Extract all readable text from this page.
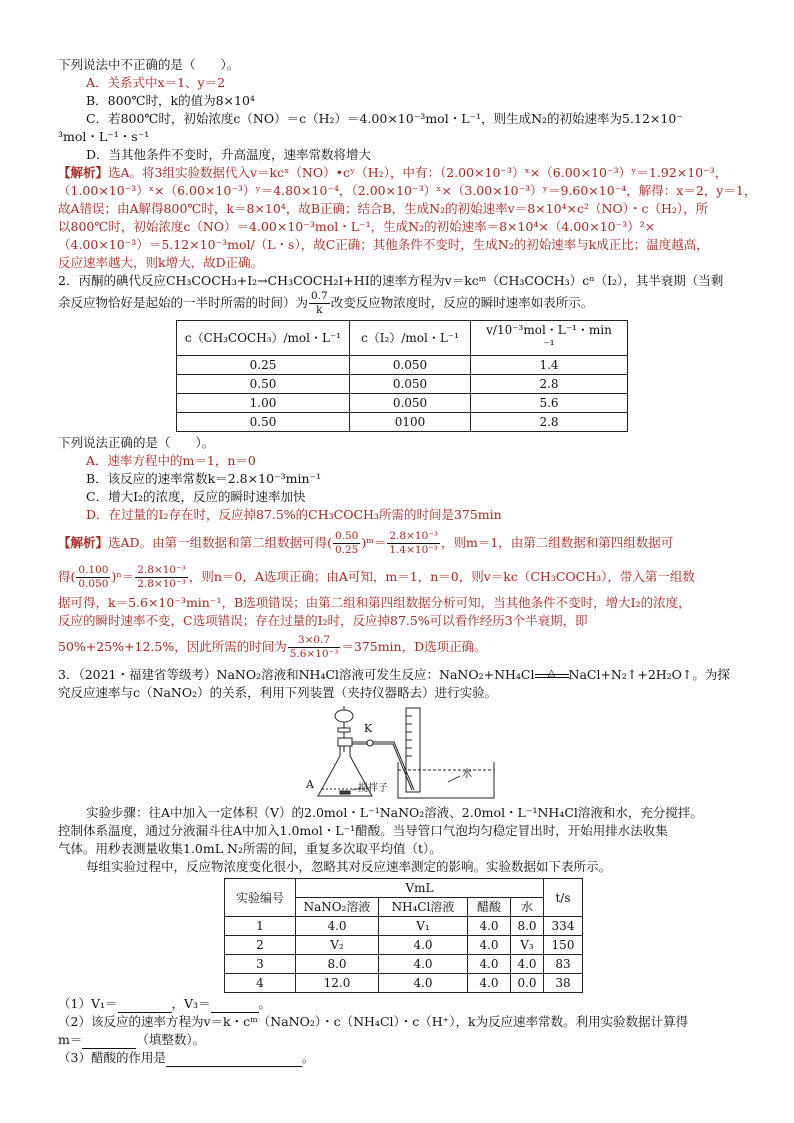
下列说法中不正确的是（　　）。
A．关系式中x＝1、y＝2
B．800℃时，k的值为8×10⁴
C．若800℃时，初始浓度c（NO）＝c（H₂）＝4.00×10⁻³mol・L⁻¹，则生成N₂的初始速率为5.12×10⁻
³mol・L⁻¹・s⁻¹
D．当其他条件不变时，升高温度，速率常数将增大
【解析】选A。将3组实验数据代入v＝kcˣ（NO）•cʸ（H₂），中有：（2.00×10⁻³）ˣ×（6.00×10⁻³）ʸ＝1.92×10⁻³，
（1.00×10⁻³）ˣ×（6.00×10⁻³）ʸ＝4.80×10⁻⁴，（2.00×10⁻³）ˣ×（3.00×10⁻³）ʸ＝9.60×10⁻⁴，解得：x＝2，y＝1，
故A错误；由A解得800℃时，k＝8×10⁴，故B正确；结合B，生成N₂的初始速率v＝8×10⁴×c²（NO）・c（H₂），所
以800℃时，初始浓度c（NO）＝4.00×10⁻³mol・L⁻¹，生成N₂的初始速率＝8×10⁴×（4.00×10⁻³）²×
（4.00×10⁻³）＝5.12×10⁻³mol/（L・s），故C正确；其他条件不变时，生成N₂的初始速率与k成正比；温度越高，
反应速率越大，则k增大，故D正确。
2．丙酮的碘代反应CH₃COCH₃+I₂→CH₃COCH₂I+HI的速率方程为v＝kcᵐ（CH₃COCH₃）cⁿ（I₂），其半衰期（当剩
余反应物恰好是起始的一半时所需的时间）为 $\frac{0.7}{k}$ 改变反应物浓度时，反应的瞬时速率如表所示。
c（CH₃COCH₃）/mol・L⁻¹	c（I₂）/mol・L⁻¹	v/10⁻³mol・L⁻¹・min
⁻¹
0.25	0.050	1.4
0.50	0.050	2.8
1.00	0.050	5.6
0.50	0100	2.8
下列说法正确的是（　　）。
A．速率方程中的m＝1，n＝0
B．该反应的速率常数k＝2.8×10⁻³min⁻¹
C．增大I₂的浓度，反应的瞬时速率加快
D．在过量的I₂存在时，反应掉87.5%的CH₃COCH₃所需的时间是375min
【解析】选AD。由第一组数据和第二组数据可得( $\frac{0.50}{0.25}$ )ᵐ＝ $\frac{\text{2.8×10⁻³}}{\text{1.4×10⁻³}}$ ，则m＝1，由第二组数据和第四组数据可
得( $\frac{0.100}{0.050} )^n= \frac{\text{2.8×10⁻³}}{\text{2.8×10⁻³}}$ ，则n＝0，A选项正确；由A可知，m＝1，n＝0，则v＝kc（CH₃COCH₃），带入第一组数
据可得，k＝5.6×10⁻³min⁻¹，B选项错误；由第二组和第四组数据分析可知，当其他条件不变时，增大I₂的浓度，
反应的瞬时速率不变，C选项错误；存在过量的I₂时，反应掉87.5%可以看作经历3个半衰期，即
50%+25%+12.5%，因此所需的时间为 $\frac{3\times 0.7}{\text{5.6×10⁻³}} =375\min$，D选项正确。
3．（2021・福建省等级考）NaNO₂溶液和NH₄Cl溶液可发生反应：NaNO₂+NH₄Cl	△	NaCl+N₂↑+2H₂O↑。为探
究反应速率与c（NaNO₂）的关系，利用下列装置（夹持仪器略去）进行实验。
K
A	搅拌子
水
实验步骤：往A中加入一定体积（V）的2.0mol・L⁻¹NaNO₂溶液、2.0mol・L⁻¹NH₄Cl溶液和水，充分搅拌。
控制体系温度，通过分液漏斗往A中加入1.0mol・L⁻¹醋酸。当导管口气泡均匀稳定冒出时，开始用排水法收集
气体。用秒表测量收集1.0mL N₂所需的间，重复多次取平均值（t）。
每组实验过程中，反应物浓度变化很小，忽略其对反应速率测定的影响。实验数据如下表所示。
实验编号	VmL				t/s
	NaNO₂溶液	NH₄Cl溶液	醋酸	水	
1	4.0	V₁	4.0	8.0	334
2	V₂	4.0	4.0	V₃	150
3	8.0	4.0	4.0	4.0	83
4	12.0	4.0	4.0	0.0	38
（1）V₁＝	，V₃＝	。
（2）该反应的速率方程为v＝k・cᵐ（NaNO₂）・c（NH₄Cl）・c（H⁺），k为反应速率常数。利用实验数据计算得
m＝	（填整数）。
（3）醋酸的作用是	。
